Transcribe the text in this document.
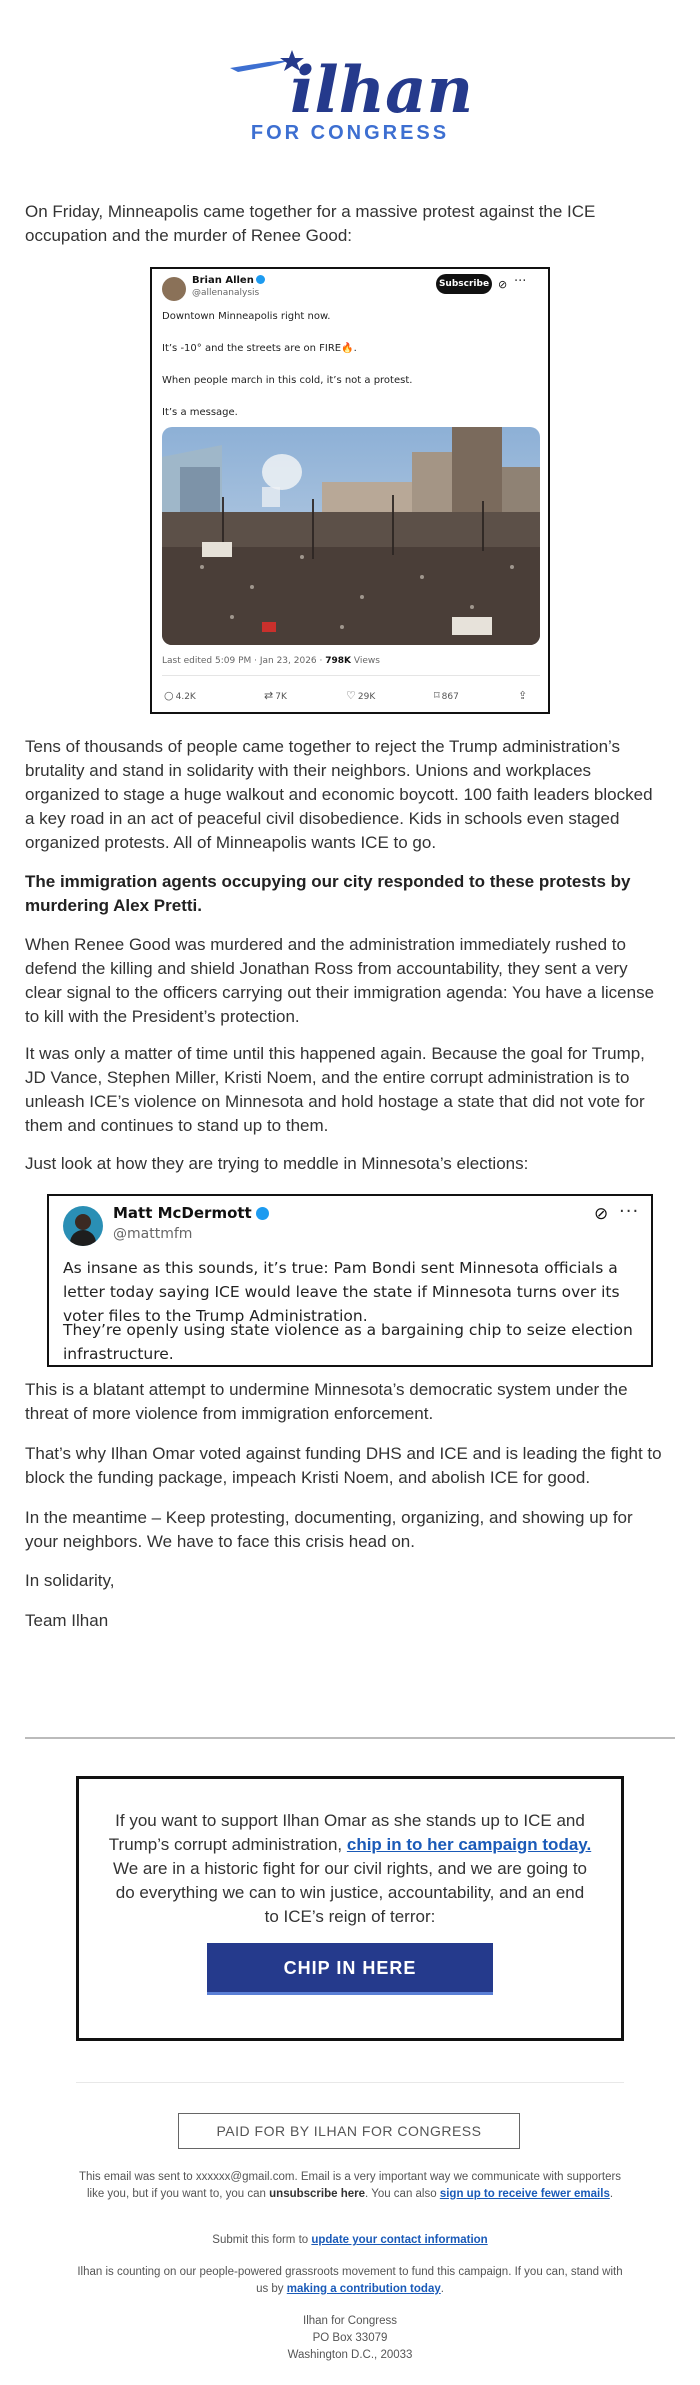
ilhan
FOR CONGRESS

On Friday, Minneapolis came together for a massive protest against the ICE occupation and the murder of Renee Good:

Brian Allen
@allenanalysis
Subscribe ⊘ ···
Downtown Minneapolis right now.
It’s -10° and the streets are on FIRE🔥.
When people march in this cold, it’s not a protest.
It’s a message.
Last edited 5:09 PM · Jan 23, 2026 · 798K Views
○ 4.2K	⇄ 7K	♡ 29K	⌑ 867	⇪

Tens of thousands of people came together to reject the Trump administration’s brutality and stand in solidarity with their neighbors. Unions and workplaces organized to stage a huge walkout and economic boycott. 100 faith leaders blocked a key road in an act of peaceful civil disobedience. Kids in schools even staged organized protests. All of Minneapolis wants ICE to go.

The immigration agents occupying our city responded to these protests by murdering Alex Pretti.

When Renee Good was murdered and the administration immediately rushed to defend the killing and shield Jonathan Ross from accountability, they sent a very clear signal to the officers carrying out their immigration agenda: You have a license to kill with the President’s protection.

It was only a matter of time until this happened again. Because the goal for Trump, JD Vance, Stephen Miller, Kristi Noem, and the entire corrupt administration is to unleash ICE’s violence on Minnesota and hold hostage a state that did not vote for them and continues to stand up to them.

Just look at how they are trying to meddle in Minnesota’s elections:

Matt McDermott
@mattmfm
⊘ ···
As insane as this sounds, it’s true: Pam Bondi sent Minnesota officials a letter today saying ICE would leave the state if Minnesota turns over its voter files to the Trump Administration.
They’re openly using state violence as a bargaining chip to seize election infrastructure.

This is a blatant attempt to undermine Minnesota’s democratic system under the threat of more violence from immigration enforcement.

That’s why Ilhan Omar voted against funding DHS and ICE and is leading the fight to block the funding package, impeach Kristi Noem, and abolish ICE for good.

In the meantime – Keep protesting, documenting, organizing, and showing up for your neighbors. We have to face this crisis head on.

In solidarity,

Team Ilhan

If you want to support Ilhan Omar as she stands up to ICE and Trump’s corrupt administration, chip in to her campaign today. We are in a historic fight for our civil rights, and we are going to do everything we can to win justice, accountability, and an end to ICE’s reign of terror:
CHIP IN HERE
PAID FOR BY ILHAN FOR CONGRESS
This email was sent to xxxxxx@gmail.com. Email is a very important way we communicate with supporters like you, but if you want to, you can unsubscribe here. You can also sign up to receive fewer emails.
Submit this form to update your contact information
Ilhan is counting on our people-powered grassroots movement to fund this campaign. If you can, stand with us by making a contribution today.
Ilhan for Congress
PO Box 33079
Washington D.C., 20033
